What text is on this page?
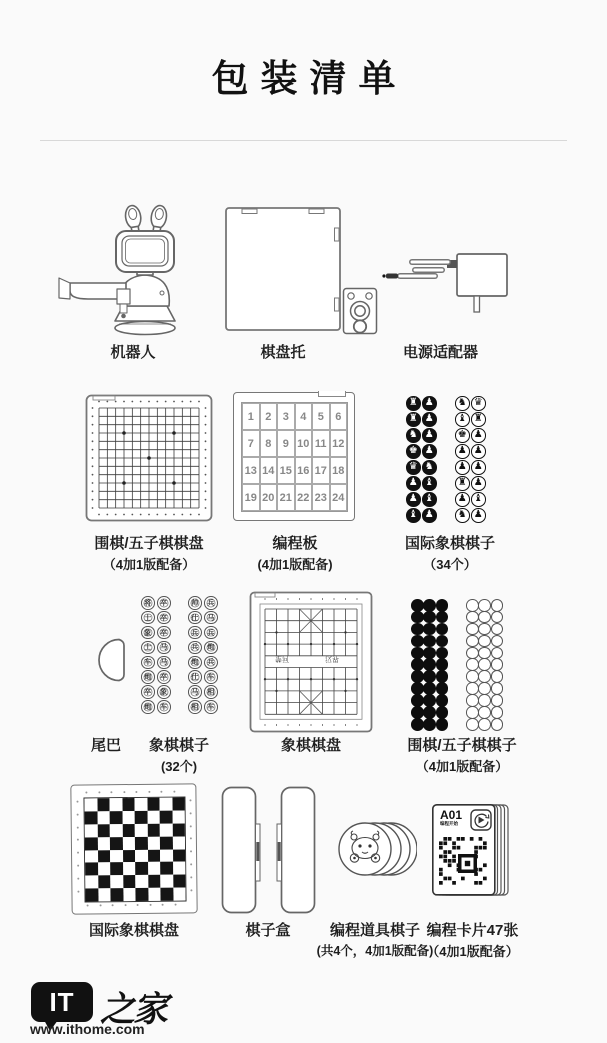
包装清单
机器人	棋盘托	电源适配器
围棋/五子棋棋盘
（4加1版配备）
1	2	3	4	5	6
7	8	9 10 11 12
13 14 15 16 17 18
19 20 21 22 23 24
编程板
(4加1版配备)
♜ ♟
♜ ♟
♞ ♟
♚ ♟
♛ ♞
♟ ♝
♟ ♝
♝ ♟
♞ ♛
♝ ♜
♚ ♟
♟ ♟
♟ ♟
♜ ♟
♟ ♝
♞ ♟
国际象棋棋子
（34个）
尾巴
将	卒
士	卒
象	卒
士	马
车	马
炮	卒
卒	象
炮	车
帅	兵
仕	马
兵	兵
兵	炮
炮	兵
仕	车
马	相
相	车
象棋棋子
(32个)
楚河	汉界
象棋棋盘	围棋/五子棋棋子
（4加1版配备）
国际象棋棋盘	棋子盒	编程道具棋子
(共4个，4加1版配备)
A01
编程开始
编程卡片47张
（4加1版配备）
IT 之家
www.ithome.com
